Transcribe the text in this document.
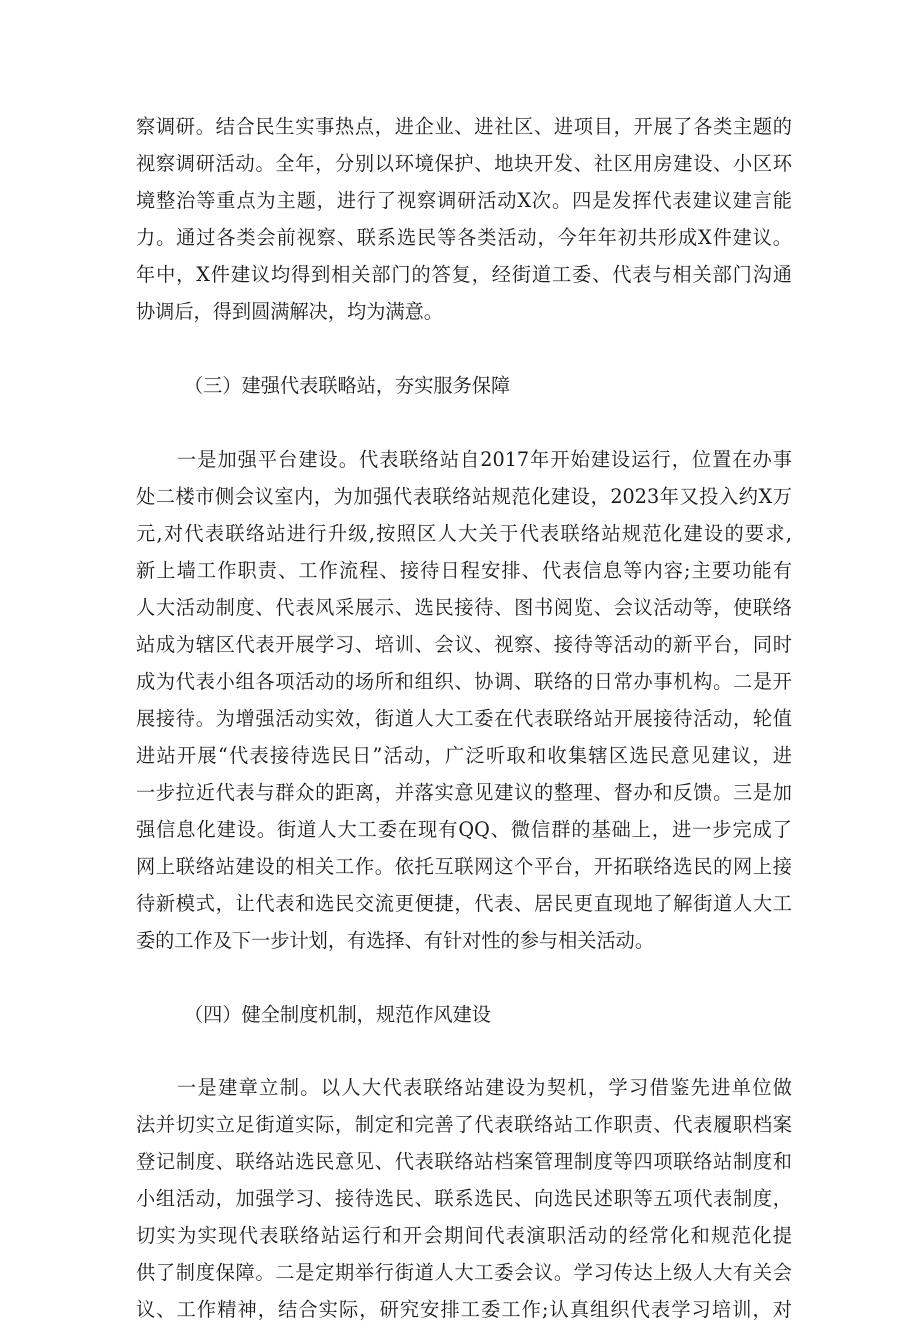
察调研。结合民生实事热点，进企业、进社区、进项目，开展了各类主题的
视察调研活动。全年，分别以环境保护、地块开发、社区用房建设、小区环
境整治等重点为主题，进行了视察调研活动X次。四是发挥代表建议建言能
力。通过各类会前视察、联系选民等各类活动，今年年初共形成X件建议。
年中，X件建议均得到相关部门的答复，经街道工委、代表与相关部门沟通
协调后，得到圆满解决，均为满意。
（三）建强代表联略站，夯实服务保障
一是加强平台建设。代表联络站自2017年开始建设运行，位置在办事
处二楼市侧会议室内，为加强代表联络站规范化建设，2023年又投入约X万
元,对代表联络站进行升级,按照区人大关于代表联络站规范化建设的要求,
新上墙工作职责、工作流程、接待日程安排、代表信息等内容;主要功能有
人大活动制度、代表风采展示、选民接待、图书阅览、会议活动等，使联络
站成为辖区代表开展学习、培训、会议、视察、接待等活动的新平台，同时
成为代表小组各项活动的场所和组织、协调、联络的日常办事机构。二是开
展接待。为增强活动实效，街道人大工委在代表联络站开展接待活动，轮值
进站开展“代表接待选民日”活动，广泛听取和收集辖区选民意见建议，进
一步拉近代表与群众的距离，并落实意见建议的整理、督办和反馈。三是加
强信息化建设。街道人大工委在现有QQ、微信群的基础上，进一步完成了
网上联络站建设的相关工作。依托互联网这个平台，开拓联络选民的网上接
待新模式，让代表和选民交流更便捷，代表、居民更直现地了解街道人大工
委的工作及下一步计划，有选择、有针对性的参与相关活动。
（四）健全制度机制，规范作风建设
一是建章立制。以人大代表联络站建设为契机，学习借鉴先进单位做
法并切实立足街道实际，制定和完善了代表联络站工作职责、代表履职档案
登记制度、联络站选民意见、代表联络站档案管理制度等四项联络站制度和
小组活动，加强学习、接待选民、联系选民、向选民述职等五项代表制度，
切实为实现代表联络站运行和开会期间代表演职活动的经常化和规范化提
供了制度保障。二是定期举行街道人大工委会议。学习传达上级人大有关会
议、工作精神，结合实际，研究安排工委工作;认真组织代表学习培训，对
